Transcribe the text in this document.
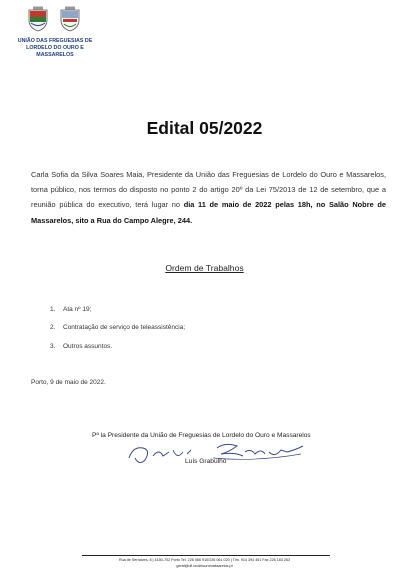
UNIÃO DAS FREGUESIAS DE
LORDELO DO OURO E MASSARELOS
Edital 05/2022
Carla Sofia da Silva Soares Maia, Presidente da União das Freguesias de Lordelo do Ouro e Massarelos, torna público, nos termos do disposto no ponto 2 do artigo 20º da Lei 75/2013 de 12 de setembro, que a reunião pública do executivo, terá lugar no dia 11 de maio de 2022 pelas 18h, no Salão Nobre de Massarelos, sito a Rua do Campo Alegre, 244.
Ordem de Trabalhos
1. Ata nº 19;
2. Contratação de serviço de teleassistência;
3. Outros assuntos.
Porto, 9 de maio de 2022.
Pª la Presidente da União de Freguesias de Lordelo do Ouro e Massarelos
Luís Grabulho
Rua de Serralves, 8 | 4150-702 Porto Tel. 226 066 910/226 061 020 | Tlm. 914 394 461 Fax 226 183 263
geral@ufl.lordelouromassarelos.pt
